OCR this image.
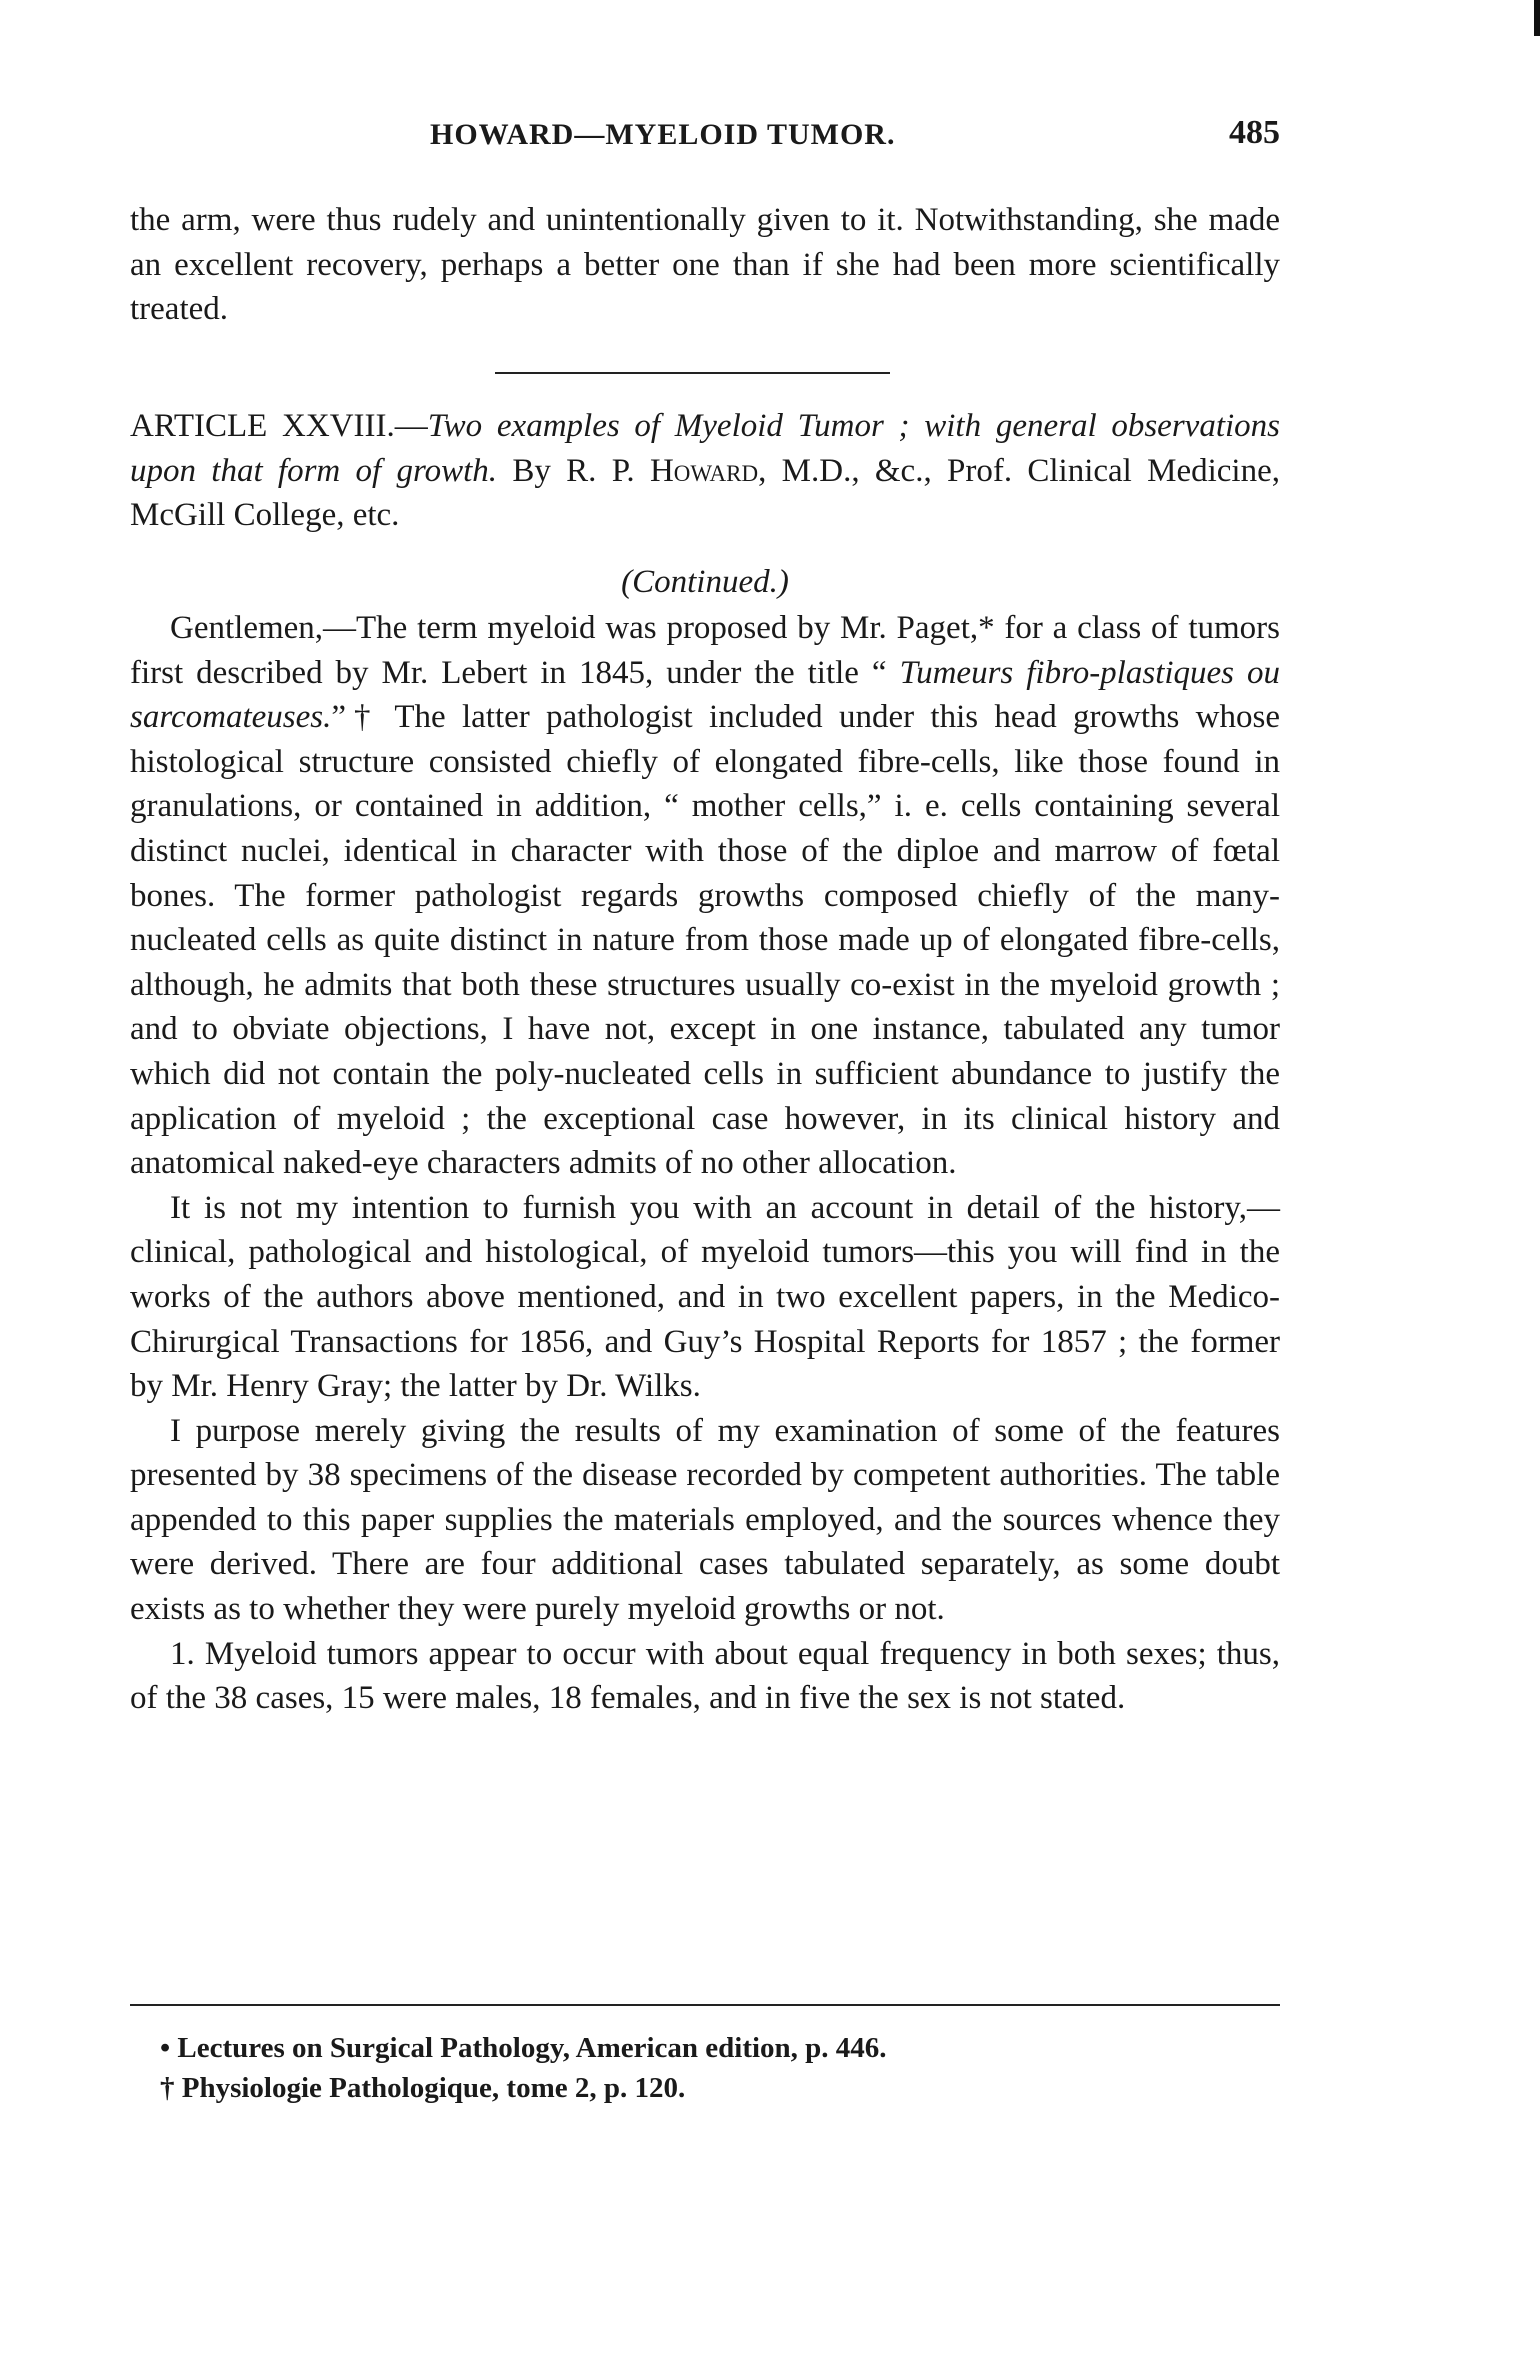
HOWARD—MYELOID TUMOR.	485

the arm, were thus rudely and unintentionally given to it. Notwithstanding, she made an excellent recovery, perhaps a better one than if she had been more scientifically treated.

ARTICLE XXVIII.—Two examples of Myeloid Tumor ; with general observations upon that form of growth. By R. P. Howard, M.D., &c., Prof. Clinical Medicine, McGill College, etc.
(Continued.)

Gentlemen,—The term myeloid was proposed by Mr. Paget,* for a class of tumors first described by Mr. Lebert in 1845, under the title “ Tumeurs fibro-plastiques ou sarcomateuses.”† The latter pathologist included under this head growths whose histological structure consisted chiefly of elongated fibre-cells, like those found in granulations, or contained in addition, “ mother cells,” i. e. cells containing several distinct nuclei, identical in character with those of the diploe and marrow of fœtal bones. The former pathologist regards growths composed chiefly of the many-nucleated cells as quite distinct in nature from those made up of elongated fibre-cells, although, he admits that both these structures usually co-exist in the myeloid growth ; and to obviate objections, I have not, except in one instance, tabulated any tumor which did not contain the poly-nucleated cells in sufficient abundance to justify the application of myeloid ; the exceptional case however, in its clinical history and anatomical naked-eye characters admits of no other allocation.

It is not my intention to furnish you with an account in detail of the history,—clinical, pathological and histological, of myeloid tumors—this you will find in the works of the authors above mentioned, and in two excellent papers, in the Medico-Chirurgical Transactions for 1856, and Guy’s Hospital Reports for 1857 ; the former by Mr. Henry Gray; the latter by Dr. Wilks.

I purpose merely giving the results of my examination of some of the features presented by 38 specimens of the disease recorded by competent authorities. The table appended to this paper supplies the materials employed, and the sources whence they were derived. There are four additional cases tabulated separately, as some doubt exists as to whether they were purely myeloid growths or not.

1. Myeloid tumors appear to occur with about equal frequency in both sexes; thus, of the 38 cases, 15 were males, 18 females, and in five the sex is not stated.

• Lectures on Surgical Pathology, American edition, p. 446.

† Physiologie Pathologique, tome 2, p. 120.
